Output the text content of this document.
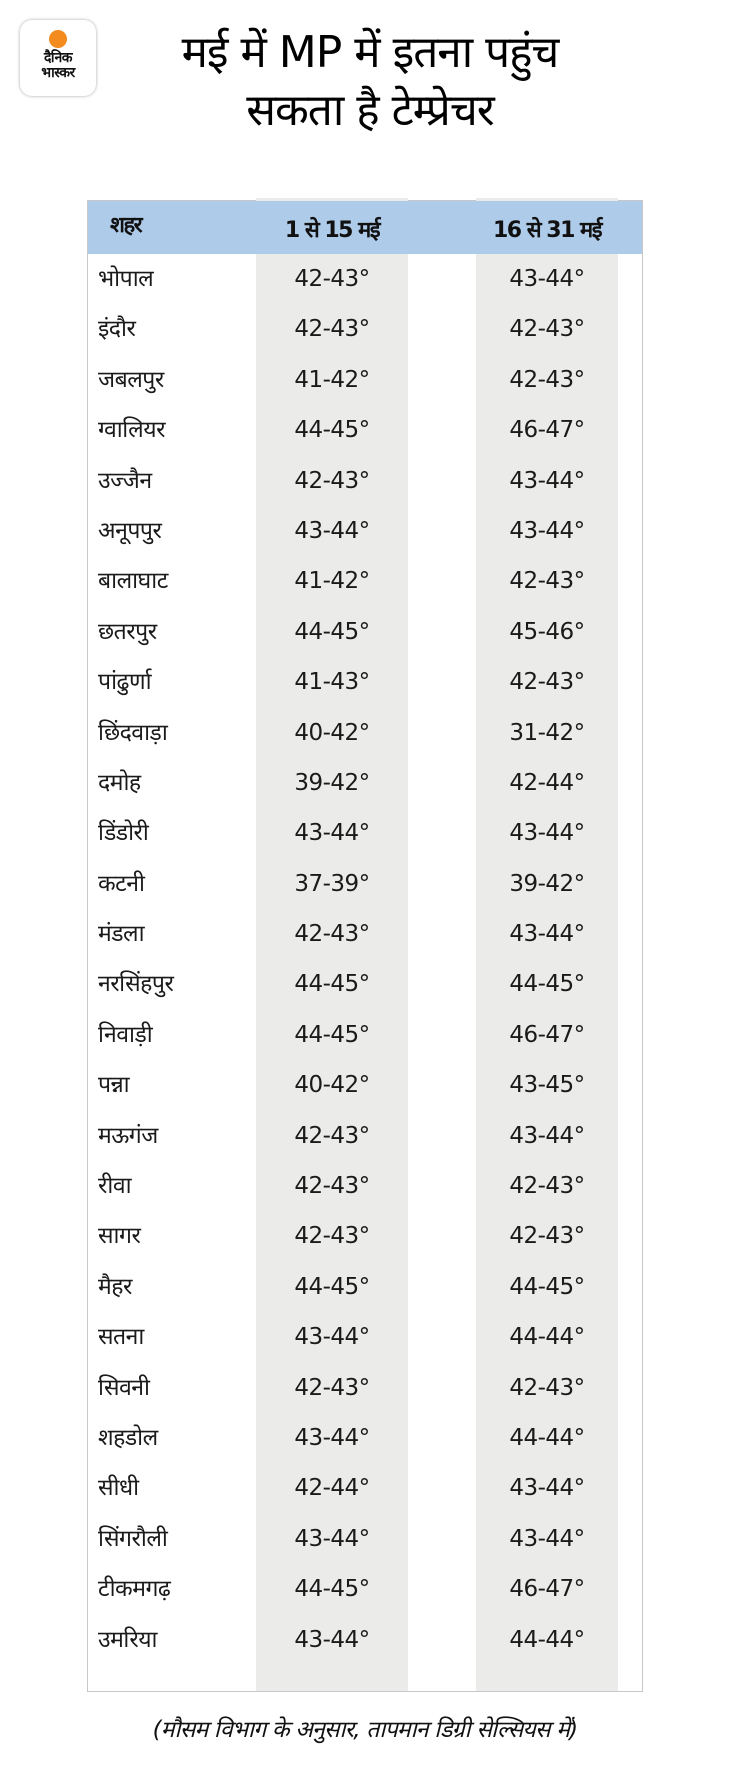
दैनिक
भास्कर	मई में MP में इतना पहुंच
सकता है टेम्प्रेचर
शहर	1 से 15 मई	16 से 31 मई
भोपाल	42-43°	43-44°
इंदौर	42-43°	42-43°
जबलपुर	41-42°	42-43°
ग्वालियर	44-45°	46-47°
उज्जैन	42-43°	43-44°
अनूपपुर	43-44°	43-44°
बालाघाट	41-42°	42-43°
छतरपुर	44-45°	45-46°
पांढुर्णा	41-43°	42-43°
छिंदवाड़ा	40-42°	31-42°
दमोह	39-42°	42-44°
डिंडोरी	43-44°	43-44°
कटनी	37-39°	39-42°
मंडला	42-43°	43-44°
नरसिंहपुर	44-45°	44-45°
निवाड़ी	44-45°	46-47°
पन्ना	40-42°	43-45°
मऊगंज	42-43°	43-44°
रीवा	42-43°	42-43°
सागर	42-43°	42-43°
मैहर	44-45°	44-45°
सतना	43-44°	44-44°
सिवनी	42-43°	42-43°
शहडोल	43-44°	44-44°
सीधी	42-44°	43-44°
सिंगरौली	43-44°	43-44°
टीकमगढ़	44-45°	46-47°
उमरिया	43-44°	44-44°
(मौसम विभाग के अनुसार, तापमान डिग्री सेल्सियस में)
